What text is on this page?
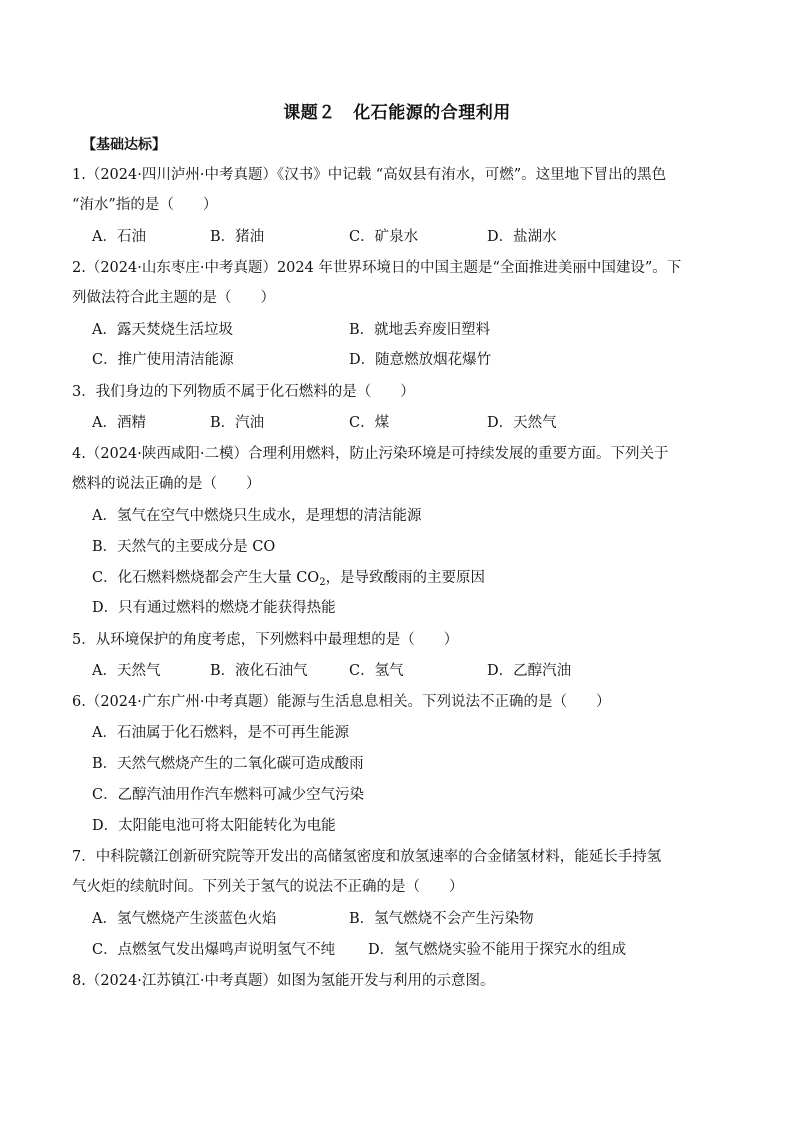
课题２　化石能源的合理利用
【基础达标】
1.（2024·四川泸州·中考真题）《汉书》中记载 “高奴县有洧水，可燃”。这里地下冒出的黑色
“洧水”指的是（　　）
A．石油	B．猪油	C．矿泉水	D．盐湖水
2.（2024·山东枣庄·中考真题）2024 年世界环境日的中国主题是“全面推进美丽中国建设”。下
列做法符合此主题的是（　　）
A．露天焚烧生活垃圾	B．就地丢弃废旧塑料
C．推广使用清洁能源	D．随意燃放烟花爆竹
3．我们身边的下列物质不属于化石燃料的是（　　）
A．酒精	B．汽油	C．煤	D．天然气
4.（2024·陕西咸阳·二模）合理利用燃料，防止污染环境是可持续发展的重要方面。下列关于
燃料的说法正确的是（　　）
A．氢气在空气中燃烧只生成水，是理想的清洁能源
B．天然气的主要成分是 CO
C．化石燃料燃烧都会产生大量 $CO_2$，是导致酸雨的主要原因
D．只有通过燃料的燃烧才能获得热能
5．从环境保护的角度考虑，下列燃料中最理想的是（　　）
A．天然气	B．液化石油气	C．氢气	D．乙醇汽油
6.（2024·广东广州·中考真题）能源与生活息息相关。下列说法不正确的是（　　）
A．石油属于化石燃料，是不可再生能源
B．天然气燃烧产生的二氧化碳可造成酸雨
C．乙醇汽油用作汽车燃料可减少空气污染
D．太阳能电池可将太阳能转化为电能
7．中科院赣江创新研究院等开发出的高储氢密度和放氢速率的合金储氢材料，能延长手持氢
气火炬的续航时间。下列关于氢气的说法不正确的是（　　）
A．氢气燃烧产生淡蓝色火焰	B．氢气燃烧不会产生污染物
C．点燃氢气发出爆鸣声说明氢气不纯 D．氢气燃烧实验不能用于探究水的组成
8.（2024·江苏镇江·中考真题）如图为氢能开发与利用的示意图。
